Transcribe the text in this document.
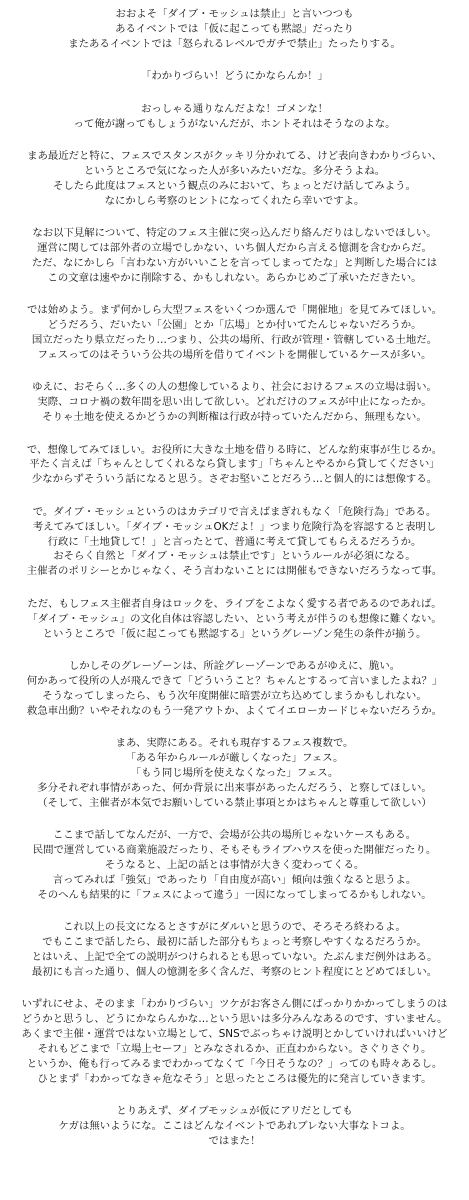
おおよそ「ダイブ・モッシュは禁止」と言いつつも
あるイベントでは「仮に起こっても黙認」だったり
またあるイベントでは「怒られるレベルでガチで禁止」たったりする。
「わかりづらい！どうにかならんか！」
おっしゃる通りなんだよな！ゴメンな！
って俺が謝ってもしょうがないんだが、ホントそれはそうなのよな。
まあ最近だと特に、フェスでスタンスがクッキリ分かれてる、けど表向きわかりづらい、
というところで気になった人が多いみたいだな。多分そうよね。
そしたら此度はフェスという観点のみにおいて、ちょっとだけ話してみよう。
なにかしら考察のヒントになってくれたら幸いですよ。
なお以下見解について、特定のフェス主催に突っ込んだり絡んだりはしないでほしい。
運営に関しては部外者の立場でしかない、いち個人だから言える憶測を含むからだ。
ただ、なにかしら「言わない方がいいことを言ってしまってたな」と判断した場合には
この文章は速やかに削除する、かもしれない。あらかじめご了承いただきたい。
では始めよう。まず何かしら大型フェスをいくつか選んで「開催地」を見てみてほしい。
どうだろう、だいたい「公園」とか「広場」とか付いてたんじゃないだろうか。
国立だったり県立だったり…つまり、公共の場所、行政が管理・管轄している土地だ。
フェスってのはそういう公共の場所を借りてイベントを開催しているケースが多い。
ゆえに、おそらく…多くの人の想像しているより、社会におけるフェスの立場は弱い。
実際、コロナ禍の数年間を思い出して欲しい。どれだけのフェスが中止になったか。
そりゃ土地を使えるかどうかの判断権は行政が持っていたんだから、無理もない。
で、想像してみてほしい。お役所に大きな土地を借りる時に、どんな約束事が生じるか。
平たく言えば「ちゃんとしてくれるなら貸します」「ちゃんとやるから貸してください」
少なからずそういう話になると思う。さぞお堅いことだろう…と個人的には想像する。
で。ダイブ・モッシュというのはカテゴリで言えばまぎれもなく「危険行為」である。
考えてみてほしい。「ダイブ・モッシュOKだよ！」つまり危険行為を容認すると表明し
行政に「土地貸して！」と言ったとて、普通に考えて貸してもらえるだろうか。
おそらく自然と「ダイブ・モッシュは禁止です」というルールが必須になる。
主催者のポリシーとかじゃなく、そう言わないことには開催もできないだろうなって事。
ただ、もしフェス主催者自身はロックを、ライブをこよなく愛する者であるのであれば。
「ダイブ・モッシュ」の文化自体は容認したい、という考えが伴うのも想像に難くない。
というところで「仮に起こっても黙認する」というグレーゾン発生の条件が揃う。
しかしそのグレーゾーンは、所詮グレーゾーンであるがゆえに、脆い。
何かあって役所の人が飛んできて「どういうこと？ちゃんとするって言いましたよね？」
そうなってしまったら、もう次年度開催に暗雲が立ち込めてしまうかもしれない。
救急車出動？いやそれなのもう一発アウトか、よくてイエローカードじゃないだろうか。
まあ、実際にある。それも現存するフェス複数で。
「ある年からルールが厳しくなった」フェス。
「もう同じ場所を使えなくなった」フェス。
多分それぞれ事情があった、何か背景に出来事があったんだろう、と察してほしい。
（そして、主催者が本気でお願いしている禁止事項とかはちゃんと尊重して欲しい）
ここまで話してなんだが、一方で、会場が公共の場所じゃないケースもある。
民間で運営している商業施設だったり、そもそもライブハウスを使った開催だったり。
そうなると、上記の話とは事情が大きく変わってくる。
言ってみれば「強気」であったり「自由度が高い」傾向は強くなると思うよ。
そのへんも結果的に「フェスによって違う」一因になってしまってるかもしれない。
これ以上の長文になるとさすがにダルいと思うので、そろそろ終わるよ。
でもここまで話したら、最初に話した部分もちょっと考察しやすくなるだろうか。
とはいえ、上記で全ての説明がつけられるとも思っていない。たぶんまだ例外はある。
最初にも言った通り、個人の憶測を多く含んだ、考察のヒント程度にとどめてほしい。
いずれにせよ、そのまま「わかりづらい」ツケがお客さん側にばっかりかかってしまうのは
どうかと思うし、どうにかならんかな…という思いは多分みんなあるのです、すいません。
あくまで主催・運営ではない立場として、SNSでぶっちゃけ説明とかしていければいいけど
それもどこまで「立場上セーフ」とみなされるか、正直わからない。さぐりさぐり。
というか、俺も行ってみるまでわかってなくて「今日そうなの？」ってのも時々あるし。
ひとまず「わかってなきゃ危なそう」と思ったところは優先的に発言していきます。
とりあえず、ダイブモッシュが仮にアリだとしても
ケガは無いようにな。ここはどんなイベントであれブレない大事なトコよ。
ではまた！
